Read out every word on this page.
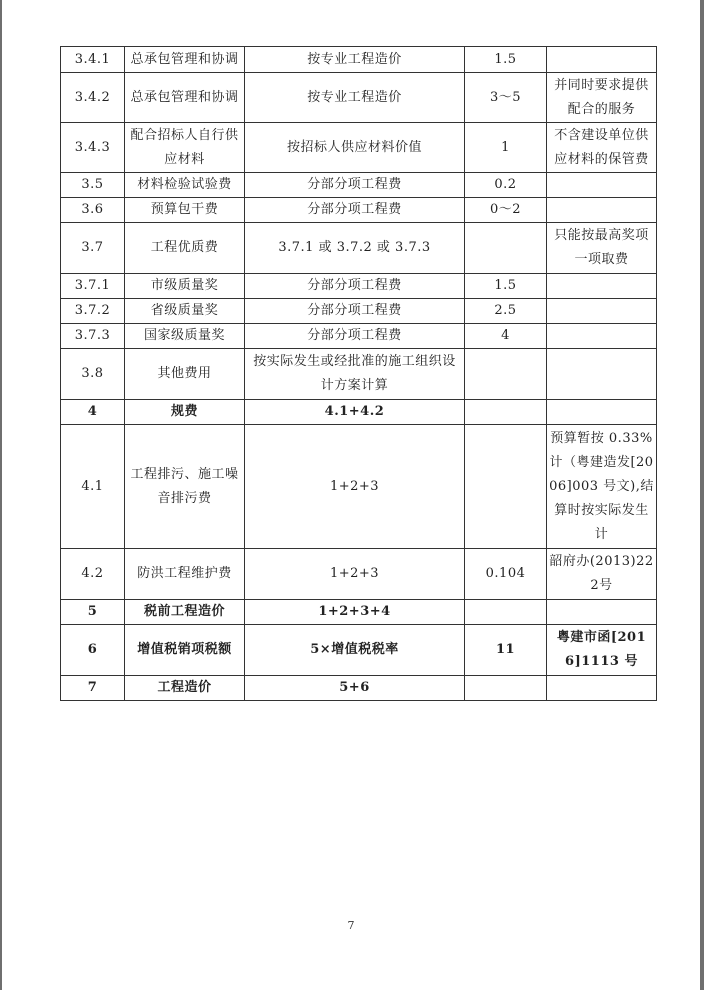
3.4.1	总承包管理和协调	按专业工程造价	1.5	
3.4.2	总承包管理和协调	按专业工程造价	3～5	并同时要求提供配合的服务
3.4.3	配合招标人自行供应材料	按招标人供应材料价值	1	不含建设单位供应材料的保管费
3.5	材料检验试验费	分部分项工程费	0.2	
3.6	预算包干费	分部分项工程费	0～2	
3.7	工程优质费	3.7.1 或 3.7.2 或 3.7.3		只能按最高奖项一项取费
3.7.1	市级质量奖	分部分项工程费	1.5	
3.7.2	省级质量奖	分部分项工程费	2.5	
3.7.3	国家级质量奖	分部分项工程费	4	
3.8	其他费用	按实际发生或经批准的施工组织设计方案计算		
4	规费	4.1+4.2		
4.1	工程排污、施工噪音排污费	1+2+3		预算暂按 0.33%计（粤建造发[2006]003 号文),结算时按实际发生计
4.2	防洪工程维护费	1+2+3	0.104	韶府办(2013)222号
5	税前工程造价	1+2+3+4		
6	增值税销项税额	5×增值税税率	11	粤建市函[2016]1113 号
7	工程造价	5+6		
7
